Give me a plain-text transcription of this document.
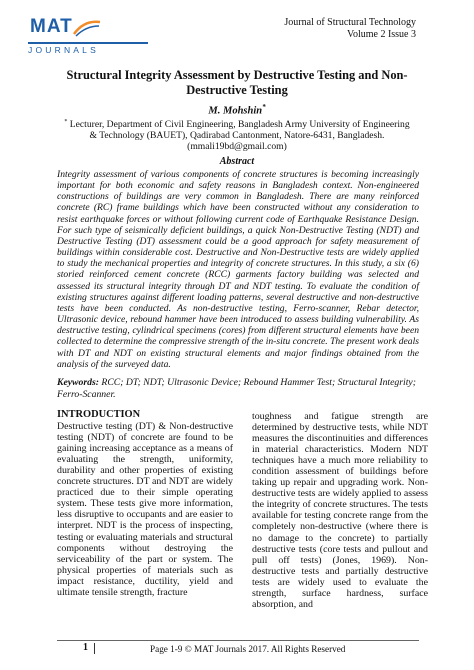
MAT
JOURNALS
Journal of Structural Technology
Volume 2 Issue 3
Structural Integrity Assessment by Destructive Testing and Non-Destructive Testing
M. Mohshin*
* Lecturer, Department of Civil Engineering, Bangladesh Army University of Engineering & Technology (BAUET), Qadirabad Cantonment, Natore-6431, Bangladesh.
(mmali19bd@gmail.com)
Abstract
Integrity assessment of various components of concrete structures is becoming increasingly important for both economic and safety reasons in Bangladesh context. Non-engineered constructions of buildings are very common in Bangladesh. There are many reinforced concrete (RC) frame buildings which have been constructed without any consideration to resist earthquake forces or without following current code of Earthquake Resistance Design. For such type of seismically deficient buildings, a quick Non-Destructive Testing (NDT) and Destructive Testing (DT) assessment could be a good approach for safety measurement of buildings within considerable cost. Destructive and Non-Destructive tests are widely applied to study the mechanical properties and integrity of concrete structures. In this study, a six (6) storied reinforced cement concrete (RCC) garments factory building was selected and assessed its structural integrity through DT and NDT testing. To evaluate the condition of existing structures against different loading patterns, several destructive and non-destructive tests have been conducted. As non-destructive testing, Ferro-scanner, Rebar detector, Ultrasonic device, rebound hammer have been introduced to assess building vulnerability. As destructive testing, cylindrical specimens (cores) from different structural elements have been collected to determine the compressive strength of the in-situ concrete. The present work deals with DT and NDT on existing structural elements and major findings obtained from the analysis of the surveyed data.
Keywords: RCC; DT; NDT; Ultrasonic Device; Rebound Hammer Test; Structural Integrity; Ferro-Scanner.
INTRODUCTION
Destructive testing (DT) & Non-destructive testing (NDT) of concrete are found to be gaining increasing acceptance as a means of evaluating the strength, uniformity, durability and other properties of existing concrete structures. DT and NDT are widely practiced due to their simple operating system. These tests give more information, less disruptive to occupants and are easier to interpret. NDT is the process of inspecting, testing or evaluating materials and structural components without destroying the serviceability of the part or system. The physical properties of materials such as impact resistance, ductility, yield and ultimate tensile strength, fracture
toughness and fatigue strength are determined by destructive tests, while NDT measures the discontinuities and differences in material characteristics. Modern NDT techniques have a much more reliability to condition assessment of buildings before taking up repair and upgrading work. Non-destructive tests are widely applied to assess the integrity of concrete structures. The tests available for testing concrete range from the completely non-destructive (where there is no damage to the concrete) to partially destructive tests (core tests and pullout and pull off tests) (Jones, 1969). Non-destructive tests and partially destructive tests are widely used to evaluate the strength, surface hardness, surface absorption, and
1	Page 1-9 © MAT Journals 2017. All Rights Reserved
